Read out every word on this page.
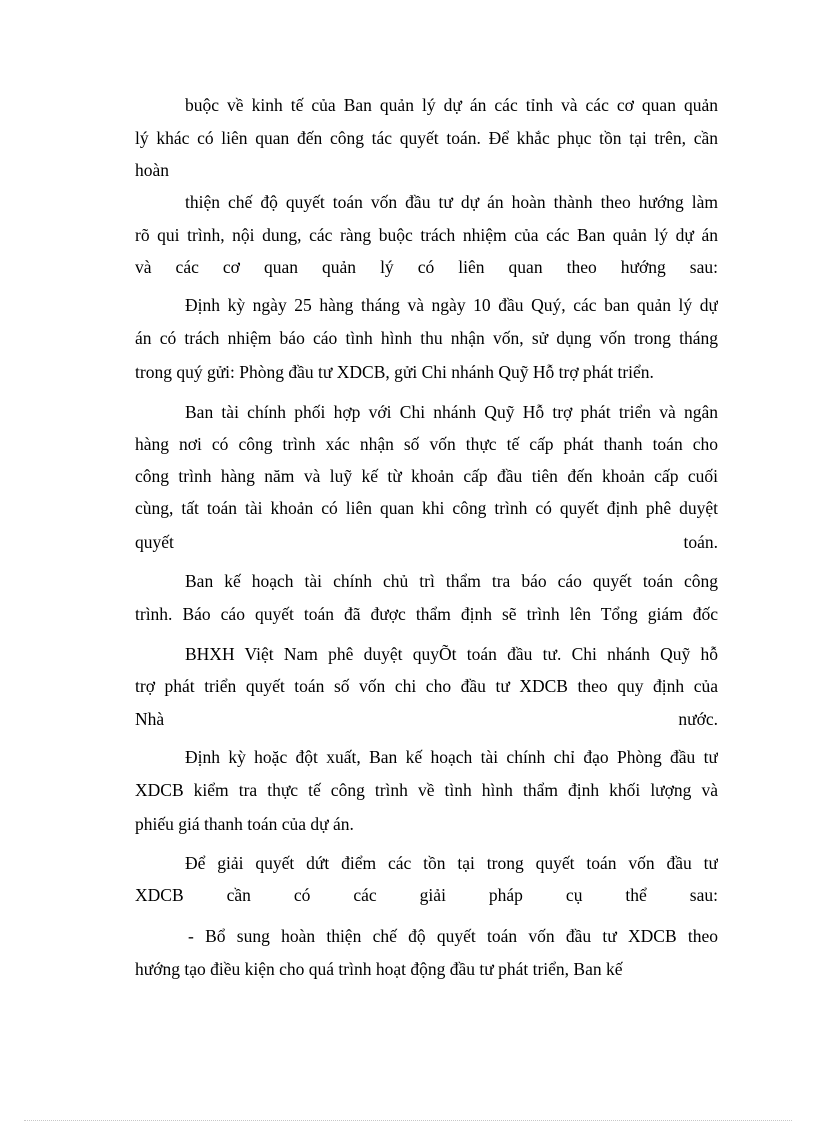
buộc về kinh tế của Ban quản lý dự án các tỉnh và các cơ quan quản
lý khác có liên quan đến công tác quyết toán. Để khắc phục tồn tại trên, cần
hoàn
thiện chế độ quyết toán vốn đầu tư dự án hoàn thành theo hướng làm
rõ qui trình, nội dung, các ràng buộc trách nhiệm của các Ban quản lý dự án
và các cơ quan quản lý có liên quan theo hướng sau:
Định kỳ ngày 25 hàng tháng và ngày 10 đầu Quý, các ban quản lý dự
án có trách nhiệm báo cáo tình hình thu nhận vốn, sử dụng vốn trong tháng
trong quý gửi: Phòng đầu tư XDCB, gửi Chi nhánh Quỹ Hỗ trợ phát triển.
Ban tài chính phối hợp với Chi nhánh Quỹ Hỗ trợ phát triển và ngân
hàng nơi có công trình xác nhận số vốn thực tế cấp phát thanh toán cho
công trình hàng năm và luỹ kế từ khoản cấp đầu tiên đến khoản cấp cuối
cùng, tất toán tài khoản có liên quan khi công trình có quyết định phê duyệt
quyết toán.
Ban kế hoạch tài chính chủ trì thẩm tra báo cáo quyết toán công
trình. Báo cáo quyết toán đã được thẩm định sẽ trình lên Tổng giám đốc
BHXH Việt Nam phê duyệt quyÕt toán đầu tư. Chi nhánh Quỹ hỗ
trợ phát triển quyết toán số vốn chi cho đầu tư XDCB theo quy định của
Nhà nước.
Định kỳ hoặc đột xuất, Ban kế hoạch tài chính chỉ đạo Phòng đầu tư
XDCB kiểm tra thực tế công trình về tình hình thẩm định khối lượng và
phiếu giá thanh toán của dự án.
Để giải quyết dứt điểm các tồn tại trong quyết toán vốn đầu tư
XDCB cần có các giải pháp cụ thể sau:
- Bổ sung hoàn thiện chế độ quyết toán vốn đầu tư XDCB theo
hướng tạo điều kiện cho quá trình hoạt động đầu tư phát triển, Ban kế
